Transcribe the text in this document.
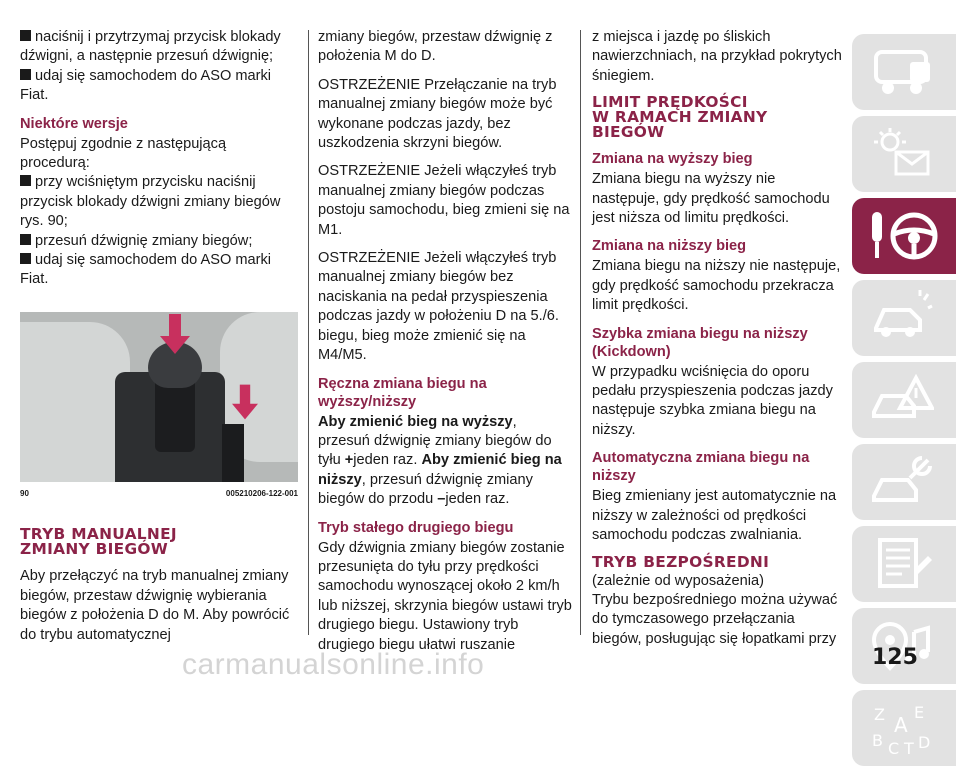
naciśnij i przytrzymaj przycisk blokady dźwigni, a następnie przesuń dźwignię;

udaj się samochodem do ASO marki Fiat.

Niektóre wersje

Postępuj zgodnie z następującą procedurą:

przy wciśniętym przycisku naciśnij przycisk blokady dźwigni zmiany biegów rys. 90;

przesuń dźwignię zmiany biegów;

udaj się samochodem do ASO marki Fiat.

90	005210206-122-001
TRYB MANUALNEJ
ZMIANY BIEGÓW

Aby przełączyć na tryb manualnej zmiany biegów, przestaw dźwignię wybierania biegów z położenia D do M. Aby powrócić do trybu automatycznej

zmiany biegów, przestaw dźwignię z położenia M do D.

OSTRZEŻENIE Przełączanie na tryb manualnej zmiany biegów może być wykonane podczas jazdy, bez uszkodzenia skrzyni biegów.

OSTRZEŻENIE Jeżeli włączyłeś tryb manualnej zmiany biegów podczas postoju samochodu, bieg zmieni się na M1.

OSTRZEŻENIE Jeżeli włączyłeś tryb manualnej zmiany biegów bez naciskania na pedał przyspieszenia podczas jazdy w położeniu D na 5./6. biegu, bieg może zmienić się na M4/M5.

Ręczna zmiana biegu na wyższy/niższy

Aby zmienić bieg na wyższy, przesuń dźwignię zmiany biegów do tyłu +jeden raz. Aby zmienić bieg na niższy, przesuń dźwignię zmiany biegów do przodu –jeden raz.

Tryb stałego drugiego biegu

Gdy dźwignia zmiany biegów zostanie przesunięta do tyłu przy prędkości samochodu wynoszącej około 2 km/h lub niższej, skrzynia biegów ustawi tryb drugiego biegu. Ustawiony tryb drugiego biegu ułatwi ruszanie

z miejsca i jazdę po śliskich nawierzchniach, na przykład pokrytych śniegiem.

LIMIT PRĘDKOŚCI
W RAMACH ZMIANY
BIEGÓW
Zmiana na wyższy bieg

Zmiana biegu na wyższy nie następuje, gdy prędkość samochodu jest niższa od limitu prędkości.

Zmiana na niższy bieg

Zmiana biegu na niższy nie następuje, gdy prędkość samochodu przekracza limit prędkości.

Szybka zmiana biegu na niższy (Kickdown)

W przypadku wciśnięcia do oporu pedału przyspieszenia podczas jazdy następuje szybka zmiana biegu na niższy.

Automatyczna zmiana biegu na niższy

Bieg zmieniany jest automatycznie na niższy w zależności od prędkości samochodu podczas zwalniania.

TRYB BEZPOŚREDNI

(zależnie od wyposażenia)

Trybu bezpośredniego można używać do tymczasowego przełączania biegów, posługując się łopatkami przy

Z E
A
B C T D
125
carmanualsonline.info
